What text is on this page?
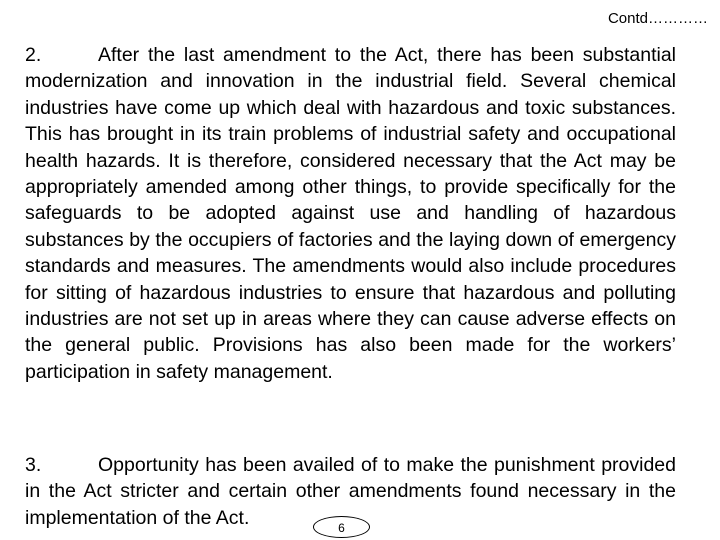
Contd…………

2.	After the last amendment to the Act, there has been substantial modernization and innovation in the industrial field. Several chemical industries have come up which deal with hazardous and toxic substances. This has brought in its train problems of industrial safety and occupational health hazards. It is therefore, considered necessary that the Act may be appropriately amended among other things, to provide specifically for the safeguards to be adopted against use and handling of hazardous substances by the occupiers of factories and the laying down of emergency standards and measures. The amendments would also include procedures for sitting of hazardous industries to ensure that hazardous and polluting industries are not set up in areas where they can cause adverse effects on the general public. Provisions has also been made for the workers’ participation in safety management.

3.	Opportunity has been availed of to make the punishment provided in the Act stricter and certain other amendments found necessary in the implementation of the Act.	6
